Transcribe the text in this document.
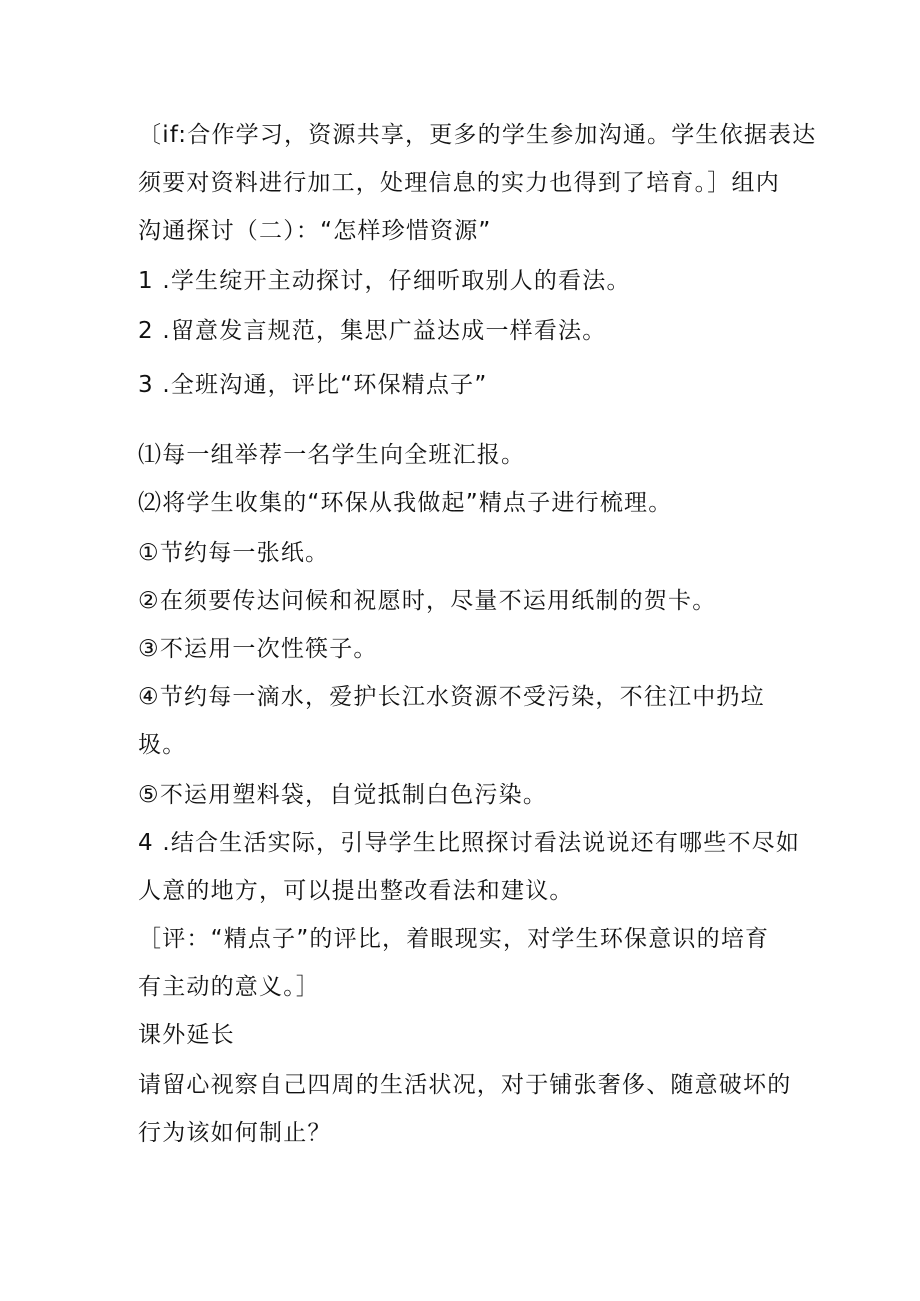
〔if:合作学习，资源共享，更多的学生参加沟通。学生依据表达
须要对资料进行加工，处理信息的实力也得到了培育。］组内
沟通探讨（二）：“怎样珍惜资源”
1 .学生绽开主动探讨，仔细听取别人的看法。
2 .留意发言规范，集思广益达成一样看法。
3 .全班沟通，评比“环保精点子”
⑴每一组举荐一名学生向全班汇报。
⑵将学生收集的“环保从我做起”精点子进行梳理。
①节约每一张纸。
②在须要传达问候和祝愿时，尽量不运用纸制的贺卡。
③不运用一次性筷子。
④节约每一滴水，爱护长江水资源不受污染，不往江中扔垃
圾。
⑤不运用塑料袋，自觉抵制白色污染。
4 .结合生活实际，引导学生比照探讨看法说说还有哪些不尽如
人意的地方，可以提出整改看法和建议。
［评：“精点子”的评比，着眼现实，对学生环保意识的培育
有主动的意义。］
课外延长
请留心视察自己四周的生活状况，对于铺张奢侈、随意破坏的
行为该如何制止？
